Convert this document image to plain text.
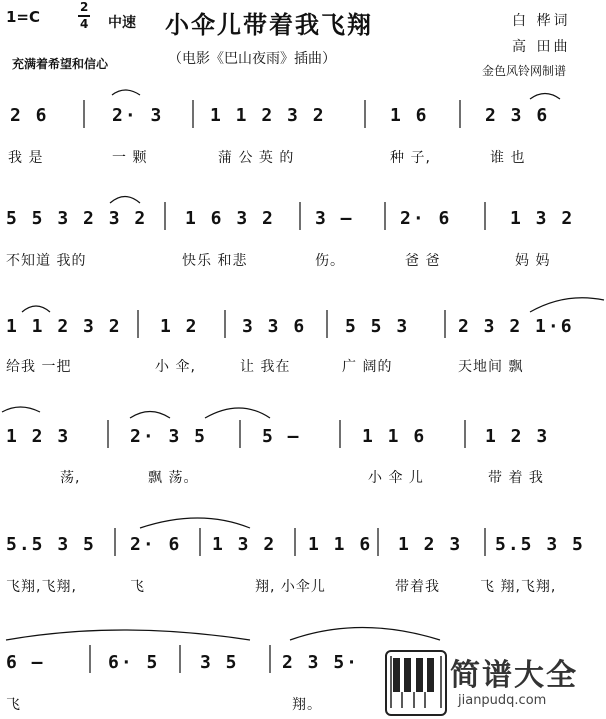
1=C
2
4 中速 小伞儿带着我飞翔	白 桦词
高 田曲
充满着希望和信心	（电影《巴山夜雨》插曲）
金色风铃网制谱
2 6	2· 3	1 1 2 3 2	1 6	2 3 6
我 是	一 颗	蒲 公 英 的	种 子,	谁 也
5 5 3 2 3 2 1 6 3 2 3 –	2· 6	1 3 2
不知道 我的	快乐 和悲	伤。	爸 爸	妈 妈
1 1 2 3 2 1 2 3 3 6 5 5 3	2 3 2 1·6
给我 一把	小 伞,	让 我在	广 阔的	天地间 飘
1 2 3	2· 3 5	5 –	1 1 6	1 2 3
荡,	飘 荡。	小 伞 儿	带 着 我
5.5 3 5 2· 6 1 3 2 1 1 6 1 2 3 5.5 3 5
飞翔,飞翔,	飞	翔, 小伞儿	带着我	飞 翔,飞翔,
6 –	6· 5 3 5 2 3 5·
飞	翔。
简谱大全
jianpudq.com
